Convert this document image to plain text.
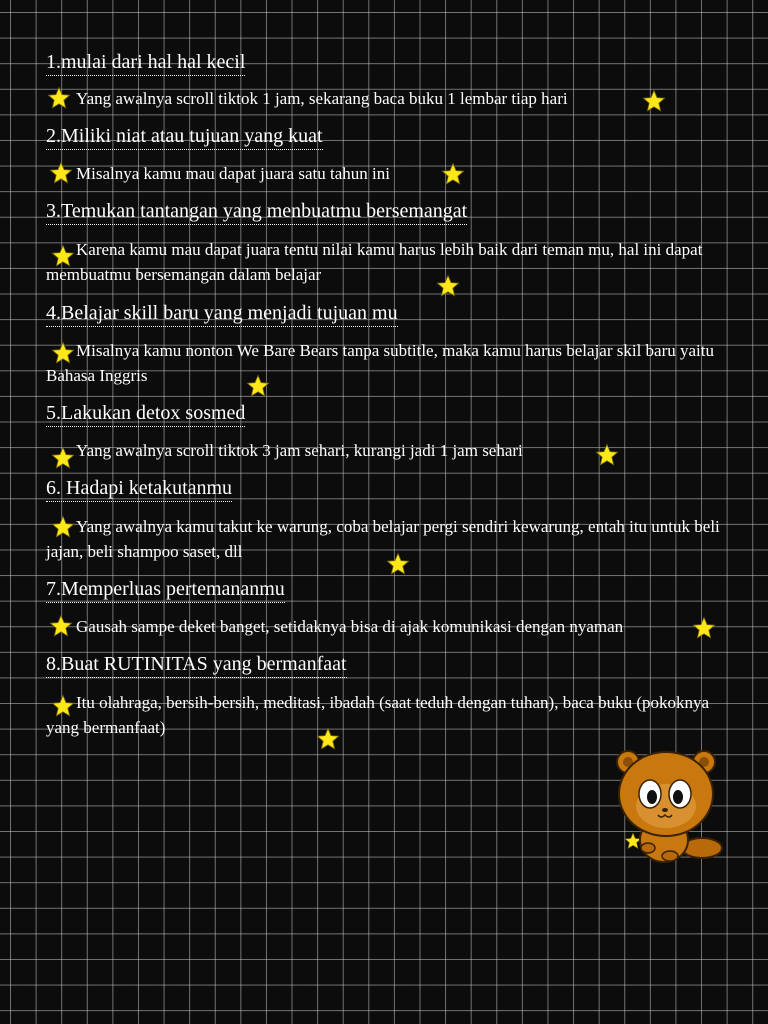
1.mulai dari hal hal kecil
Yang awalnya scroll tiktok 1 jam, sekarang baca buku 1 lembar tiap hari
2.Miliki niat atau tujuan yang kuat
Misalnya kamu mau dapat juara satu tahun ini
3.Temukan tantangan yang menbuatmu bersemangat
Karena kamu mau dapat juara tentu nilai kamu harus lebih baik dari teman mu, hal ini dapat membuatmu bersemangan dalam belajar
4.Belajar skill baru yang menjadi tujuan mu
Misalnya kamu nonton We Bare Bears tanpa subtitle, maka kamu harus belajar skil baru yaitu Bahasa Inggris
5.Lakukan detox sosmed
Yang awalnya scroll tiktok 3 jam sehari, kurangi jadi 1 jam sehari
6. Hadapi ketakutanmu
Yang awalnya kamu takut ke warung, coba belajar pergi sendiri kewarung, entah itu untuk beli jajan, beli shampoo saset, dll
7.Memperluas pertemananmu
Gausah sampe deket banget, setidaknya bisa di ajak komunikasi dengan nyaman
8.Buat RUTINITAS yang bermanfaat
Itu olahraga, bersih-bersih, meditasi, ibadah (saat teduh dengan tuhan), baca buku (pokoknya yang bermanfaat)
